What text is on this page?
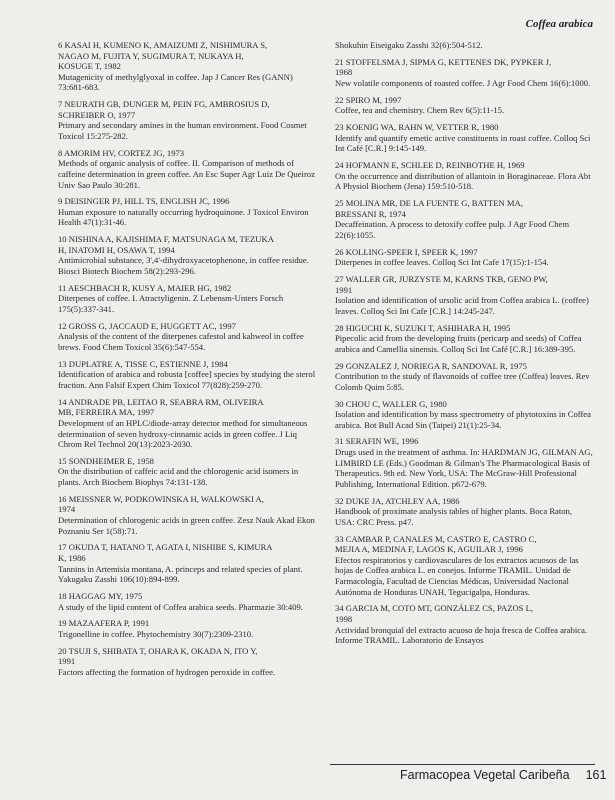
Coffea arabica
6 KASAI H, KUMENO K, AMAIZUMI Z, NISHIMURA S,
NAGAO M, FUJITA Y, SUGIMURA T, NUKAYA H,
KOSUGE T, 1982
Mutagenicity of methylglyoxal in coffee. Jap J Cancer Res (GANN) 73:681-683.
7 NEURATH GB, DUNGER M, PEIN FG, AMBROSIUS D,
SCHREIBER O, 1977
Primary and secondary amines in the human environment. Food Cosmet Toxicol 15:275-282.
8 AMORIM HV, CORTEZ JG, 1973
Methods of organic analysis of coffee. II. Comparison of methods of caffeine determination in green coffee. An Esc Super Agr Luiz De Queiroz Univ Sao Paulo 30:281.
9 DEISINGER PJ, HILL TS, ENGLISH JC, 1996
Human exposure to naturally occurring hydroquinone. J Toxicol Environ Health 47(1):31-46.
10 NISHINA A, KAJISHIMA F, MATSUNAGA M, TEZUKA
H, INATOMI H, OSAWA T, 1994
Antimicrobial substance, 3',4'-dihydroxyacetophenone, in coffee residue. Biosci Biotech Biochem 58(2):293-296.
11 AESCHBACH R, KUSY A, MAIER HG, 1982
Diterpenes of coffee. I. Atractyligenin. Z Lebensm-Unters Forsch 175(5):337-341.
12 GROSS G, JACCAUD E, HUGGETT AC, 1997
Analysis of the content of the diterpenes cafestol and kahweol in coffee brews. Food Chem Toxicol 35(6):547-554.
13 DUPLATRE A, TISSE C, ESTIENNE J, 1984
Identification of arabica and robusta [coffee] species by studying the sterol fraction. Ann Falsif Expert Chim Toxicol 77(828):259-270.
14 ANDRADE PB, LEITAO R, SEABRA RM, OLIVEIRA
MB, FERREIRA MA, 1997
Development of an HPLC/diode-array detector method for simultaneous determination of seven hydroxy-cinnamic acids in green coffee. J Liq Chrom Rel Technol 20(13):2023-2030.
15 SONDHEIMER E, 1958
On the distribution of caffeic acid and the chlorogenic acid isomers in plants. Arch Biochem Biophys 74:131-138.
16 MEISSNER W, PODKOWINSKA H, WALKOWSKI A,
1974
Determination of chlorogenic acids in green coffee. Zesz Nauk Akad Ekon Poznaniu Ser 1(58):71.
17 OKUDA T, HATANO T, AGATA I, NISHIBE S, KIMURA
K, 1986
Tannins in Artemisia montana, A. princeps and related species of plant. Yakugaku Zasshi 106(10):894-899.
18 HAGGAG MY, 1975
A study of the lipid content of Coffea arabica seeds. Pharmazie 30:409.
19 MAZAAFERA P, 1991
Trigonelline in coffee. Phytochemistry 30(7):2309-2310.
20 TSUJI S, SHIBATA T, OHARA K, OKADA N, ITO Y,
1991
Factors affecting the formation of hydrogen peroxide in coffee.
Shokuhin Eiseigaku Zasshi 32(6):504-512.
21 STOFFELSMA J, SIPMA G, KETTENES DK, PYPKER J,
1968
New volatile components of roasted coffee. J Agr Food Chem 16(6):1000.
22 SPIRO M, 1997
Coffee, tea and chemistry. Chem Rev 6(5):11-15.
23 KOENIG WA, RAHN W, VETTER R, 1980
Identify and quantify emetic active constituents in roast coffee. Colloq Sci Int Café [C.R.] 9:145-149.
24 HOFMANN E, SCHLEE D, REINBOTHE H, 1969
On the occurrence and distribution of allantoin in Boraginaceae. Flora Abt A Physiol Biochem (Jena) 159:510-518.
25 MOLINA MR, DE LA FUENTE G, BATTEN MA,
BRESSANI R, 1974
Decaffeination. A process to detoxify coffee pulp. J Agr Food Chem 22(6):1055.
26 KOLLING-SPEER I, SPEER K, 1997
Diterpenes in coffee leaves. Colloq Sci Int Cafe 17(15):1-154.
27 WALLER GR, JURZYSTE M, KARNS TKB, GENO PW,
1991
Isolation and identification of ursolic acid from Coffea arabica L. (coffee) leaves. Colloq Sci Int Cafe [C.R.] 14:245-247.
28 HIGUCHI K, SUZUKI T, ASHIHARA H, 1995
Pipecolic acid from the developing fruits (pericarp and seeds) of Coffea arabica and Camellia sinensis. Colloq Sci Int Café [C.R.] 16:389-395.
29 GONZALEZ J, NORIEGA R, SANDOVAL R, 1975
Contribution to the study of flavonoids of coffee tree (Coffea) leaves. Rev Colomb Quim 5:85.
30 CHOU C, WALLER G, 1980
Isolation and identification by mass spectrometry of phytotoxins in Coffea arabica. Bot Bull Acad Sin (Taipei) 21(1):25-34.
31 SERAFIN WE, 1996
Drugs used in the treatment of asthma. In: HARDMAN JG, GILMAN AG, LIMBIRD LE (Eds.) Goodman & Gilman's The Pharmacological Basis of Therapeutics. 9th ed. New York, USA: The McGraw-Hill Professional Publishing, International Edition. p672-679.
32 DUKE JA, ATCHLEY AA, 1986
Handbook of proximate analysis tables of higher plants. Boca Raton, USA: CRC Press. p47.
33 CAMBAR P, CANALES M, CASTRO E, CASTRO C,
MEJIA A, MEDINA F, LAGOS K, AGUILAR J, 1996
Efectos respiratorios y cardiovasculares de los extractos acuosos de las hojas de Coffea arabica L. en conejos. Informe TRAMIL. Unidad de Farmacología, Facultad de Ciencias Médicas, Universidad Nacional Autónoma de Honduras UNAH, Tegucigalpa, Honduras.
34 GARCIA M, COTO MT, GONZÁLEZ CS, PAZOS L,
1998
Actividad bronquial del extracto acuoso de hoja fresca de Coffea arabica. Informe TRAMIL. Laboratorio de Ensayos
Farmacopea Vegetal Caribeña 161
